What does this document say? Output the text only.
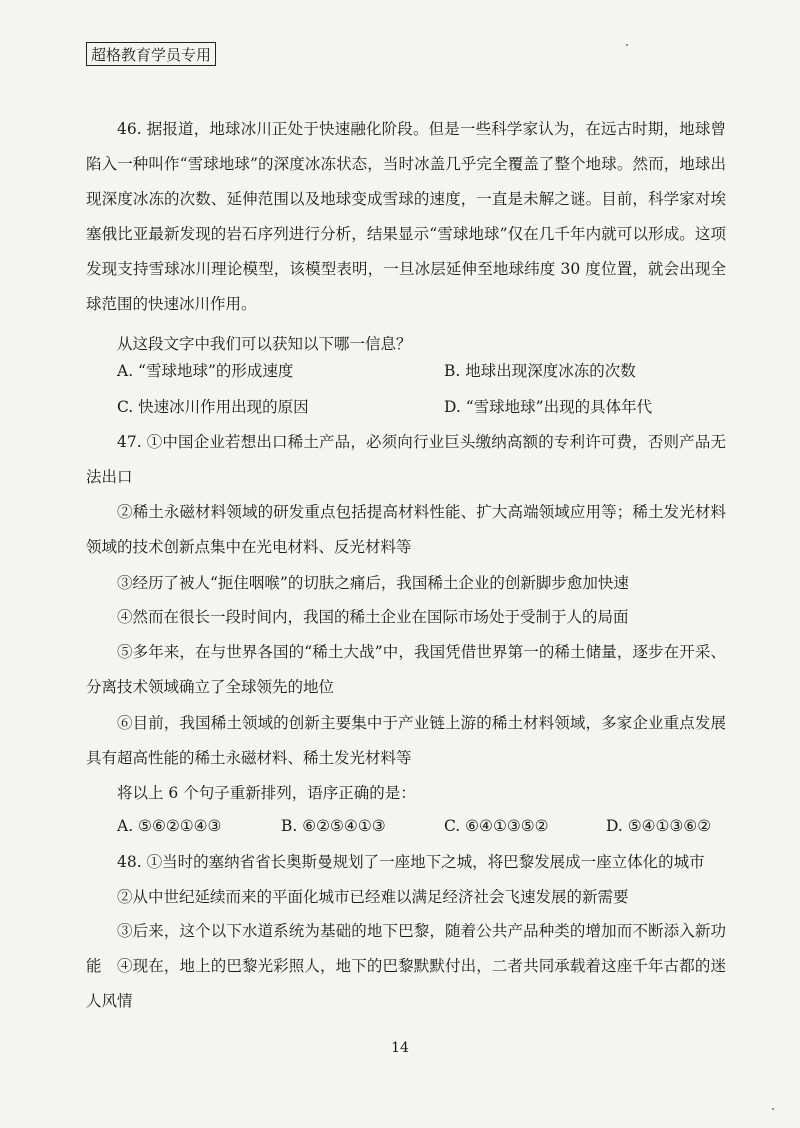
超格教育学员专用

46. 据报道，地球冰川正处于快速融化阶段。但是一些科学家认为，在远古时期，地球曾陷入一种叫作“雪球地球”的深度冰冻状态，当时冰盖几乎完全覆盖了整个地球。然而，地球出现深度冰冻的次数、延伸范围以及地球变成雪球的速度，一直是未解之谜。目前，科学家对埃塞俄比亚最新发现的岩石序列进行分析，结果显示“雪球地球”仅在几千年内就可以形成。这项发现支持雪球冰川理论模型，该模型表明，一旦冰层延伸至地球纬度 30 度位置，就会出现全球范围的快速冰川作用。

从这段文字中我们可以获知以下哪一信息？

A. “雪球地球”的形成速度	B. 地球出现深度冰冻的次数
C. 快速冰川作用出现的原因	D. “雪球地球”出现的具体年代

47. ①中国企业若想出口稀土产品，必须向行业巨头缴纳高额的专利许可费，否则产品无法出口

②稀土永磁材料领域的研发重点包括提高材料性能、扩大高端领域应用等；稀土发光材料领域的技术创新点集中在光电材料、反光材料等

③经历了被人“扼住咽喉”的切肤之痛后，我国稀土企业的创新脚步愈加快速

④然而在很长一段时间内，我国的稀土企业在国际市场处于受制于人的局面

⑤多年来，在与世界各国的“稀土大战”中，我国凭借世界第一的稀土储量，逐步在开采、分离技术领域确立了全球领先的地位

⑥目前，我国稀土领域的创新主要集中于产业链上游的稀土材料领域，多家企业重点发展具有超高性能的稀土永磁材料、稀土发光材料等

将以上 6 个句子重新排列，语序正确的是：

A. ⑤⑥②①④③	B. ⑥②⑤④①③	C. ⑥④①③⑤②	D. ⑤④①③⑥②

48. ①当时的塞纳省省长奥斯曼规划了一座地下之城，将巴黎发展成一座立体化的城市

②从中世纪延续而来的平面化城市已经难以满足经济社会飞速发展的新需要

③后来，这个以下水道系统为基础的地下巴黎，随着公共产品种类的增加而不断添入新功能 ④现在，地上的巴黎光彩照人，地下的巴黎默默付出，二者共同承载着这座千年古都的迷人风情

14
